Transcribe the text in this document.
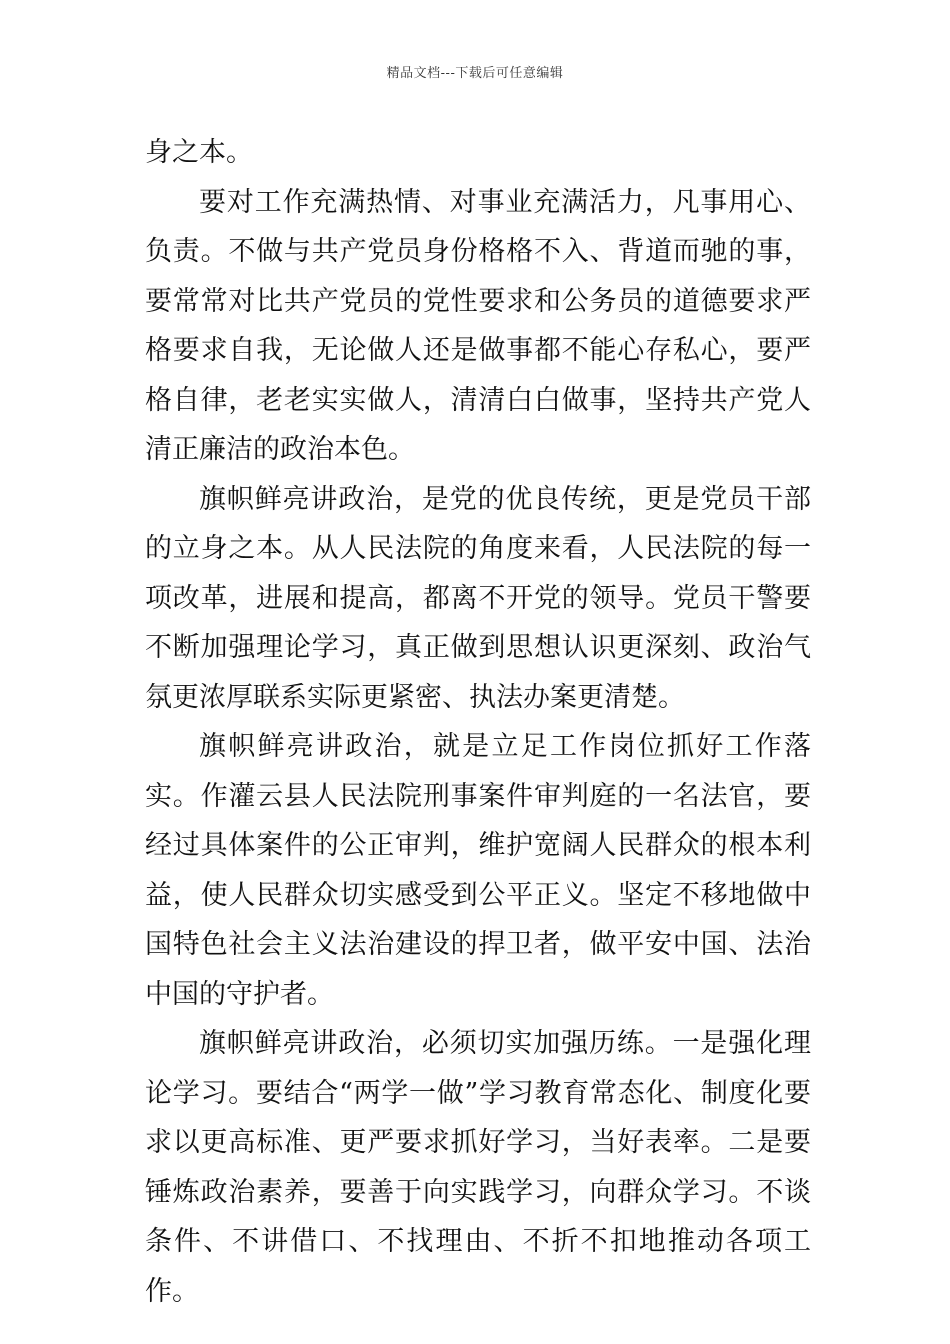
精品文档---下载后可任意编辑

身之本。

要对工作充满热情、对事业充满活力，凡事用心、负责。不做与共产党员身份格格不入、背道而驰的事，要常常对比共产党员的党性要求和公务员的道德要求严格要求自我，无论做人还是做事都不能心存私心，要严格自律，老老实实做人，清清白白做事，坚持共产党人清正廉洁的政治本色。

旗帜鲜亮讲政治，是党的优良传统，更是党员干部的立身之本。从人民法院的角度来看，人民法院的每一项改革，进展和提高，都离不开党的领导。党员干警要不断加强理论学习，真正做到思想认识更深刻、政治气氛更浓厚联系实际更紧密、执法办案更清楚。

旗帜鲜亮讲政治，就是立足工作岗位抓好工作落实。作灌云县人民法院刑事案件审判庭的一名法官，要经过具体案件的公正审判，维护宽阔人民群众的根本利益，使人民群众切实感受到公平正义。坚定不移地做中国特色社会主义法治建设的捍卫者，做平安中国、法治中国的守护者。

旗帜鲜亮讲政治，必须切实加强历练。一是强化理论学习。要结合“两学一做”学习教育常态化、制度化要求以更高标准、更严要求抓好学习，当好表率。二是要锤炼政治素养，要善于向实践学习，向群众学习。不谈条件、不讲借口、不找理由、不折不扣地推动各项工作。
